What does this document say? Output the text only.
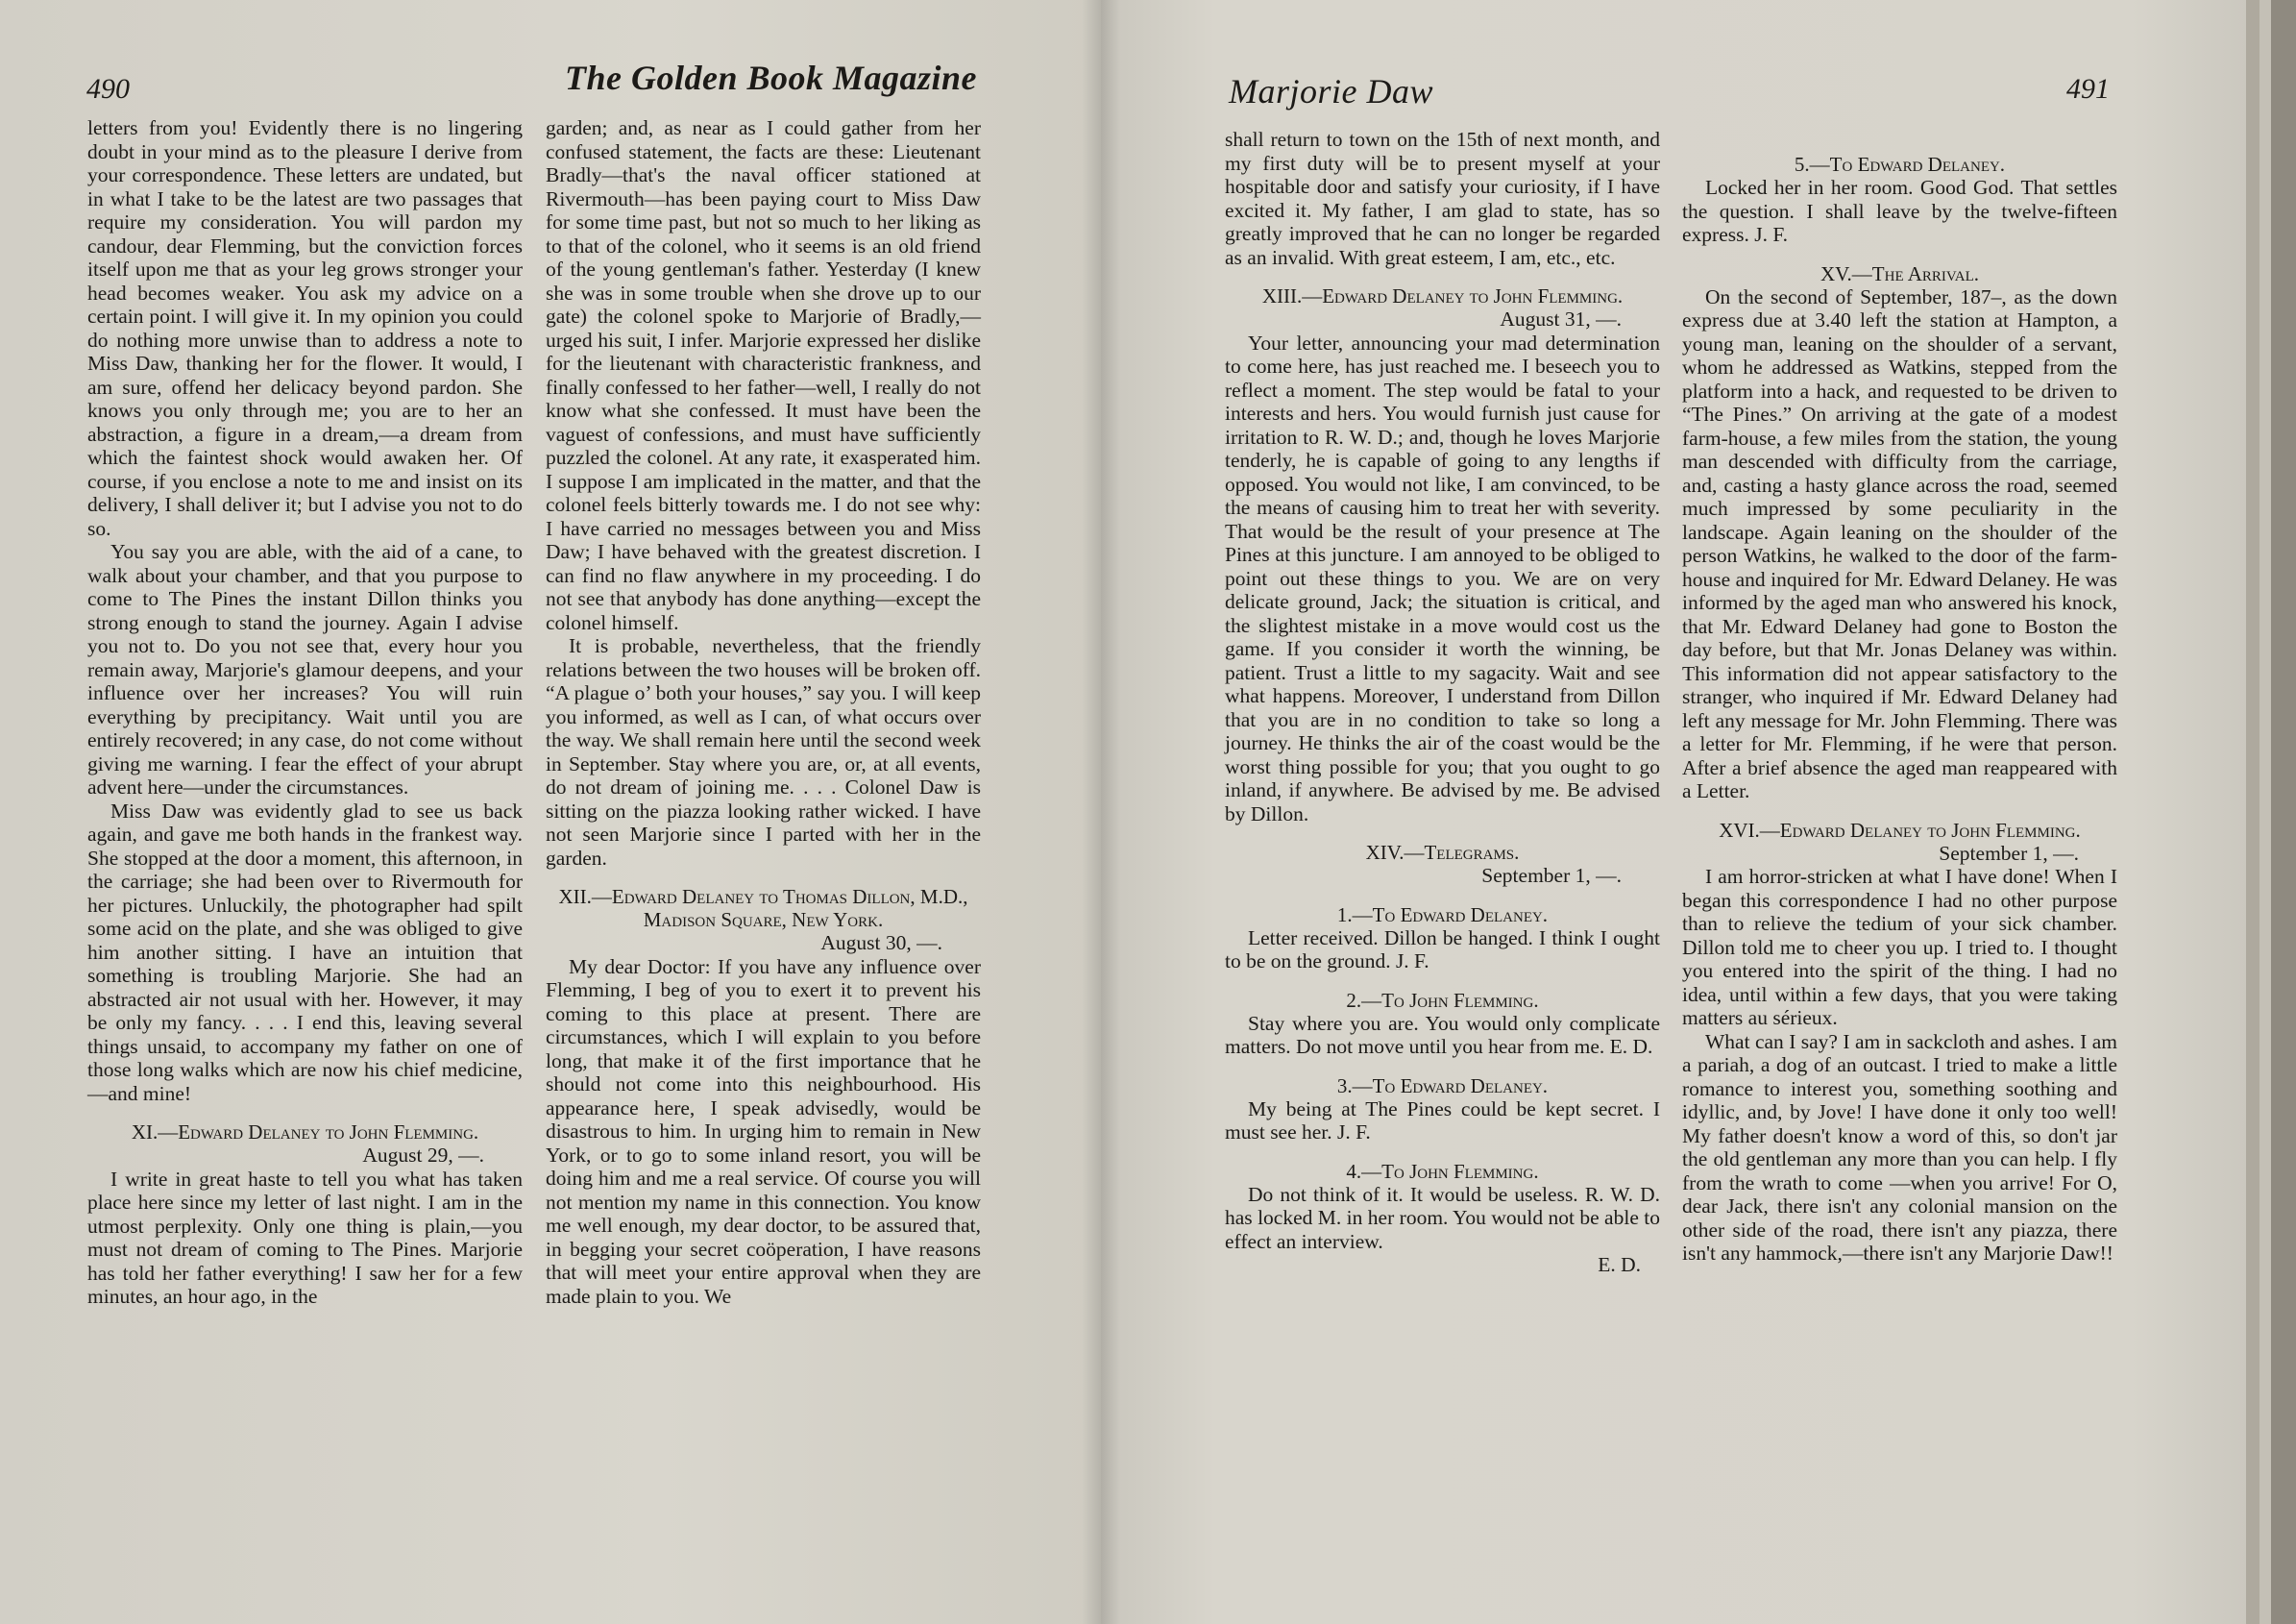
490	The Golden Book Magazine

letters from you! Evidently there is no lingering doubt in your mind as to the pleasure I derive from your correspondence. These letters are undated, but in what I take to be the latest are two passages that require my consideration. You will pardon my candour, dear Flemming, but the conviction forces itself upon me that as your leg grows stronger your head becomes weaker. You ask my advice on a certain point. I will give it. In my opinion you could do nothing more unwise than to address a note to Miss Daw, thanking her for the flower. It would, I am sure, offend her delicacy beyond pardon. She knows you only through me; you are to her an abstraction, a figure in a dream,—a dream from which the faintest shock would awaken her. Of course, if you enclose a note to me and insist on its delivery, I shall deliver it; but I advise you not to do so.

You say you are able, with the aid of a cane, to walk about your chamber, and that you purpose to come to The Pines the instant Dillon thinks you strong enough to stand the journey. Again I advise you not to. Do you not see that, every hour you remain away, Marjorie's glamour deepens, and your influence over her increases? You will ruin everything by precipitancy. Wait until you are entirely recovered; in any case, do not come without giving me warning. I fear the effect of your abrupt advent here—under the circumstances.

Miss Daw was evidently glad to see us back again, and gave me both hands in the frankest way. She stopped at the door a moment, this afternoon, in the carriage; she had been over to Rivermouth for her pictures. Unluckily, the photographer had spilt some acid on the plate, and she was obliged to give him another sitting. I have an intuition that something is troubling Marjorie. She had an abstracted air not usual with her. However, it may be only my fancy. . . . I end this, leaving several things unsaid, to accompany my father on one of those long walks which are now his chief medicine,—and mine!

XI.—Edward Delaney to John Flemming.

August 29, —.

I write in great haste to tell you what has taken place here since my letter of last night. I am in the utmost perplexity. Only one thing is plain,—you must not dream of coming to The Pines. Marjorie has told her father everything! I saw her for a few minutes, an hour ago, in the

garden; and, as near as I could gather from her confused statement, the facts are these: Lieutenant Bradly—that's the naval officer stationed at Rivermouth—has been paying court to Miss Daw for some time past, but not so much to her liking as to that of the colonel, who it seems is an old friend of the young gentleman's father. Yesterday (I knew she was in some trouble when she drove up to our gate) the colonel spoke to Marjorie of Bradly,—urged his suit, I infer. Marjorie expressed her dislike for the lieutenant with characteristic frankness, and finally confessed to her father—well, I really do not know what she confessed. It must have been the vaguest of confessions, and must have sufficiently puzzled the colonel. At any rate, it exasperated him. I suppose I am implicated in the matter, and that the colonel feels bitterly towards me. I do not see why: I have carried no messages between you and Miss Daw; I have behaved with the greatest discretion. I can find no flaw anywhere in my proceeding. I do not see that anybody has done anything—except the colonel himself.

It is probable, nevertheless, that the friendly relations between the two houses will be broken off. “A plague o’ both your houses,” say you. I will keep you informed, as well as I can, of what occurs over the way. We shall remain here until the second week in September. Stay where you are, or, at all events, do not dream of joining me. . . . Colonel Daw is sitting on the piazza looking rather wicked. I have not seen Marjorie since I parted with her in the garden.

XII.—Edward Delaney to Thomas Dillon, M.D., Madison Square, New York.

August 30, —.

My dear Doctor: If you have any influence over Flemming, I beg of you to exert it to prevent his coming to this place at present. There are circumstances, which I will explain to you before long, that make it of the first importance that he should not come into this neighbourhood. His appearance here, I speak advisedly, would be disastrous to him. In urging him to remain in New York, or to go to some inland resort, you will be doing him and me a real service. Of course you will not mention my name in this connection. You know me well enough, my dear doctor, to be assured that, in begging your secret coöperation, I have reasons that will meet your entire approval when they are made plain to you. We

Marjorie Daw	491

shall return to town on the 15th of next month, and my first duty will be to present myself at your hospitable door and satisfy your curiosity, if I have excited it. My father, I am glad to state, has so greatly improved that he can no longer be regarded as an invalid. With great esteem, I am, etc., etc.

XIII.—Edward Delaney to John Flemming.

August 31, —.

Your letter, announcing your mad determination to come here, has just reached me. I beseech you to reflect a moment. The step would be fatal to your interests and hers. You would furnish just cause for irritation to R. W. D.; and, though he loves Marjorie tenderly, he is capable of going to any lengths if opposed. You would not like, I am convinced, to be the means of causing him to treat her with severity. That would be the result of your presence at The Pines at this juncture. I am annoyed to be obliged to point out these things to you. We are on very delicate ground, Jack; the situation is critical, and the slightest mistake in a move would cost us the game. If you consider it worth the winning, be patient. Trust a little to my sagacity. Wait and see what happens. Moreover, I understand from Dillon that you are in no condition to take so long a journey. He thinks the air of the coast would be the worst thing possible for you; that you ought to go inland, if anywhere. Be advised by me. Be advised by Dillon.

XIV.—Telegrams.

September 1, —.

1.—To Edward Delaney.

Letter received. Dillon be hanged. I think I ought to be on the ground. J. F.

2.—To John Flemming.

Stay where you are. You would only complicate matters. Do not move until you hear from me. E. D.

3.—To Edward Delaney.

My being at The Pines could be kept secret. I must see her. J. F.

4.—To John Flemming.

Do not think of it. It would be useless. R. W. D. has locked M. in her room. You would not be able to effect an interview.

E. D.

5.—To Edward Delaney.

Locked her in her room. Good God. That settles the question. I shall leave by the twelve-fifteen express. J. F.

XV.—The Arrival.

On the second of September, 187–, as the down express due at 3.40 left the station at Hampton, a young man, leaning on the shoulder of a servant, whom he addressed as Watkins, stepped from the platform into a hack, and requested to be driven to “The Pines.” On arriving at the gate of a modest farm-house, a few miles from the station, the young man descended with difficulty from the carriage, and, casting a hasty glance across the road, seemed much impressed by some peculiarity in the landscape. Again leaning on the shoulder of the person Watkins, he walked to the door of the farm-house and inquired for Mr. Edward Delaney. He was informed by the aged man who answered his knock, that Mr. Edward Delaney had gone to Boston the day before, but that Mr. Jonas Delaney was within. This information did not appear satisfactory to the stranger, who inquired if Mr. Edward Delaney had left any message for Mr. John Flemming. There was a letter for Mr. Flemming, if he were that person. After a brief absence the aged man reappeared with a Letter.

XVI.—Edward Delaney to John Flemming.

September 1, —.

I am horror-stricken at what I have done! When I began this correspondence I had no other purpose than to relieve the tedium of your sick chamber. Dillon told me to cheer you up. I tried to. I thought you entered into the spirit of the thing. I had no idea, until within a few days, that you were taking matters au sérieux.

What can I say? I am in sackcloth and ashes. I am a pariah, a dog of an outcast. I tried to make a little romance to interest you, something soothing and idyllic, and, by Jove! I have done it only too well! My father doesn't know a word of this, so don't jar the old gentleman any more than you can help. I fly from the wrath to come —when you arrive! For O, dear Jack, there isn't any colonial mansion on the other side of the road, there isn't any piazza, there isn't any hammock,—there isn't any Marjorie Daw!!
